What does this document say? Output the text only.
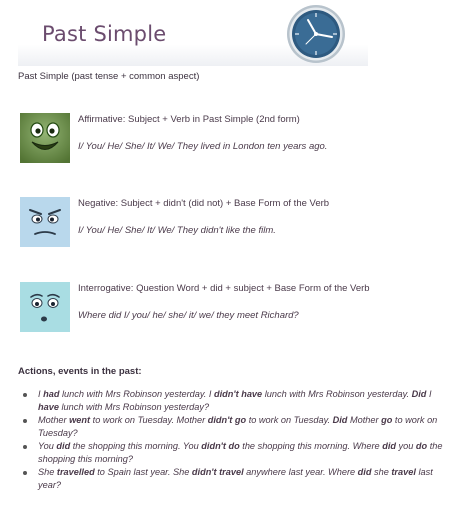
Past Simple
Past Simple (past tense + common aspect)
Affirmative: Subject + Verb in Past Simple (2nd form)
I/ You/ He/ She/ It/ We/ They lived in London ten years ago.
Negative: Subject + didn't (did not) + Base Form of the Verb
I/ You/ He/ She/ It/ We/ They didn't like the film.
Interrogative: Question Word + did + subject + Base Form of the Verb
Where did I/ you/ he/ she/ it/ we/ they meet Richard?
Actions, events in the past:
I had lunch with Mrs Robinson yesterday. I didn't have lunch with Mrs Robinson yesterday. Did I have lunch with Mrs Robinson yesterday?
Mother went to work on Tuesday. Mother didn't go to work on Tuesday. Did Mother go to work on Tuesday?
You did the shopping this morning. You didn't do the shopping this morning. Where did you do the shopping this morning?
She travelled to Spain last year. She didn't travel anywhere last year. Where did she travel last year?
